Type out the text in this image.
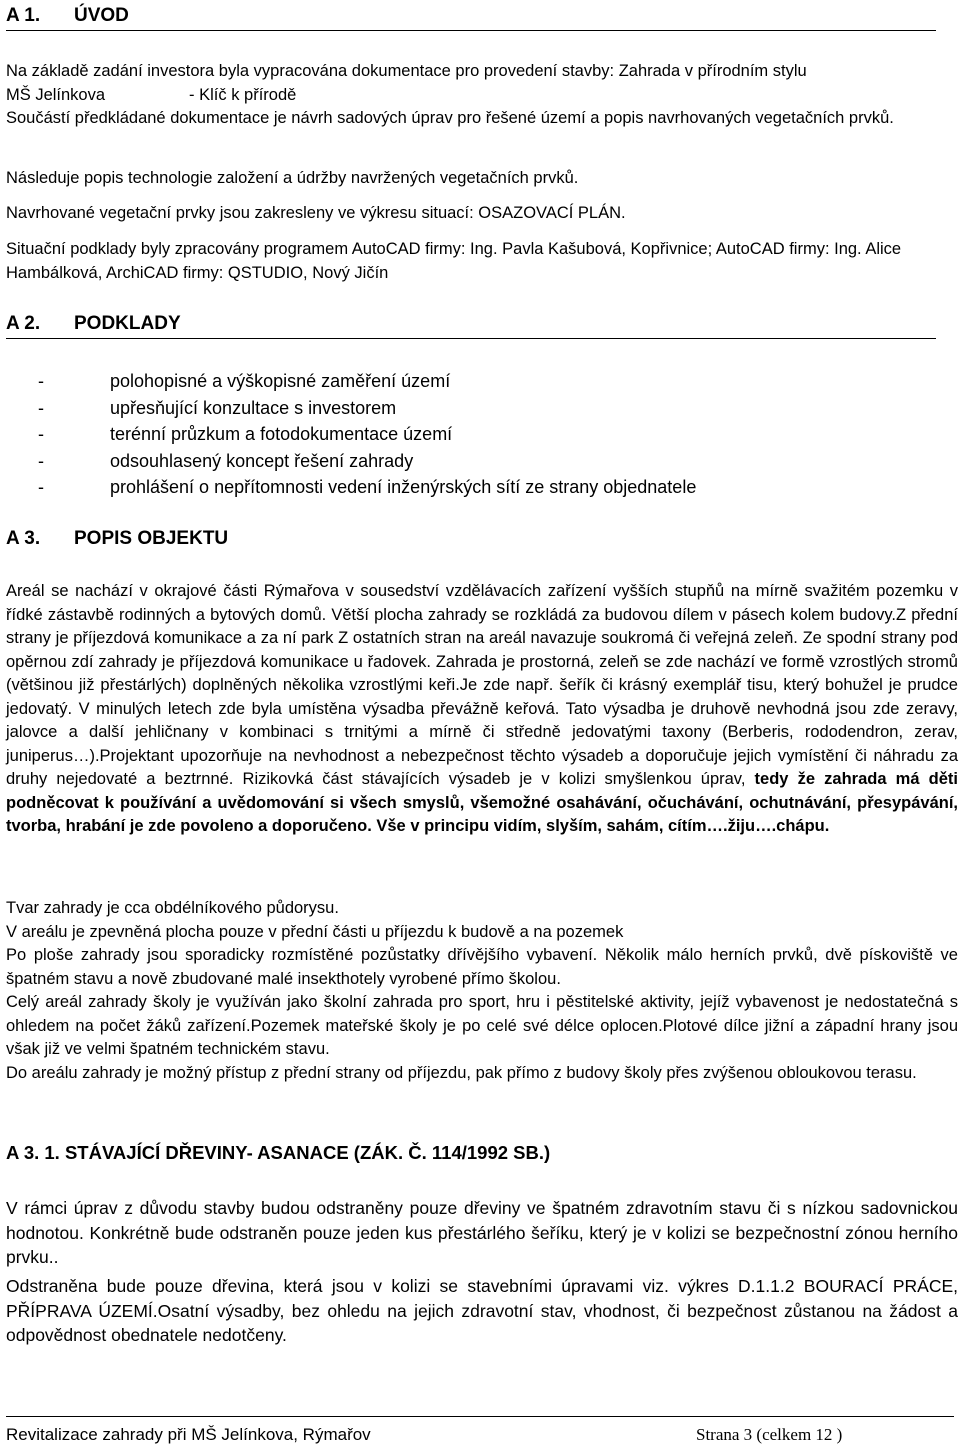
A 1. ÚVOD
Na základě zadání investora byla vypracována dokumentace pro provedení stavby: Zahrada v přírodním stylu
MŠ Jelínkova	- Klíč k přírodě
Součástí předkládané dokumentace je návrh sadových úprav pro řešené území a popis navrhovaných vegetačních prvků.
Následuje popis technologie založení a údržby navržených vegetačních prvků.
Navrhované vegetační prvky jsou zakresleny ve výkresu situací: OSAZOVACÍ PLÁN.
Situační podklady byly zpracovány programem AutoCAD firmy: Ing. Pavla Kašubová, Kopřivnice; AutoCAD firmy: Ing. Alice Hambálková, ArchiCAD firmy: QSTUDIO, Nový Jičín
A 2. PODKLADY
-	polohopisné a výškopisné zaměření území
-	upřesňující konzultace s investorem
-	terénní průzkum a fotodokumentace území
-	odsouhlasený koncept řešení zahrady
-	prohlášení o nepřítomnosti vedení inženýrských sítí ze strany objednatele
A 3. POPIS OBJEKTU
Areál se nachází v okrajové části Rýmařova v sousedství vzdělávacích zařízení vyšších stupňů na mírně svažitém pozemku v řídké zástavbě rodinných a bytových domů. Větší plocha zahrady se rozkládá za budovou dílem v pásech kolem budovy.Z přední strany je příjezdová komunikace a za ní park Z ostatních stran na areál navazuje soukromá či veřejná zeleň. Ze spodní strany pod opěrnou zdí zahrady je příjezdová komunikace u řadovek. Zahrada je prostorná, zeleň se zde nachází ve formě vzrostlých stromů (většinou již přestárlých) doplněných několika vzrostlými keři.Je zde např. šeřík či krásný exemplář tisu, který bohužel je prudce jedovatý. V minulých letech zde byla umístěna výsadba převážně keřová. Tato výsadba je druhově nevhodná jsou zde zeravy, jalovce a další jehličnany v kombinaci s trnitými a mírně či středně jedovatými taxony (Berberis, rododendron, zerav, juniperus…).Projektant upozorňuje na nevhodnost a nebezpečnost těchto výsadeb a doporučuje jejich vymístění či náhradu za druhy nejedovaté a beztrnné. Rizikovká část stávajících výsadeb je v kolizi smyšlenkou úprav, tedy že zahrada má děti podněcovat k používání a uvědomování si všech smyslů, všemožné osahávání, očuchávání, ochutnávání, přesypávání, tvorba, hrabání je zde povoleno a doporučeno. Vše v principu vidím, slyším, sahám, cítím….žiju….chápu.
Tvar zahrady je cca obdélníkového půdorysu.
V areálu je zpevněná plocha pouze v přední části u příjezdu k budově a na pozemek
Po ploše zahrady jsou sporadicky rozmístěné pozůstatky dřívějšího vybavení. Několik málo herních prvků, dvě pískoviště ve špatném stavu a nově zbudované malé insekthotely vyrobené přímo školou.
Celý areál zahrady školy je využíván jako školní zahrada pro sport, hru i pěstitelské aktivity, jejíž vybavenost je nedostatečná s ohledem na počet žáků zařízení.Pozemek mateřské školy je po celé své délce oplocen.Plotové dílce jižní a západní hrany jsou však již ve velmi špatném technickém stavu.
Do areálu zahrady je možný přístup z přední strany od příjezdu, pak přímo z budovy školy přes zvýšenou obloukovou terasu.
A 3. 1. STÁVAJÍCÍ DŘEVINY- ASANACE (ZÁK. Č. 114/1992 SB.)
V rámci úprav z důvodu stavby budou odstraněny pouze dřeviny ve špatném zdravotním stavu či s nízkou sadovnickou hodnotou. Konkrétně bude odstraněn pouze jeden kus přestárlého šeříku, který je v kolizi se bezpečnostní zónou herního prvku..
Odstraněna bude pouze dřevina, která jsou v kolizi se stavebními úpravami viz. výkres D.1.1.2 BOURACÍ PRÁCE, PŘÍPRAVA ÚZEMÍ.Osatní výsadby, bez ohledu na jejich zdravotní stav, vhodnost, či bezpečnost zůstanou na žádost a odpovědnost obednatele nedotčeny.
Revitalizace zahrady při MŠ Jelínkova, Rýmařov	Strana 3 (celkem 12 )
